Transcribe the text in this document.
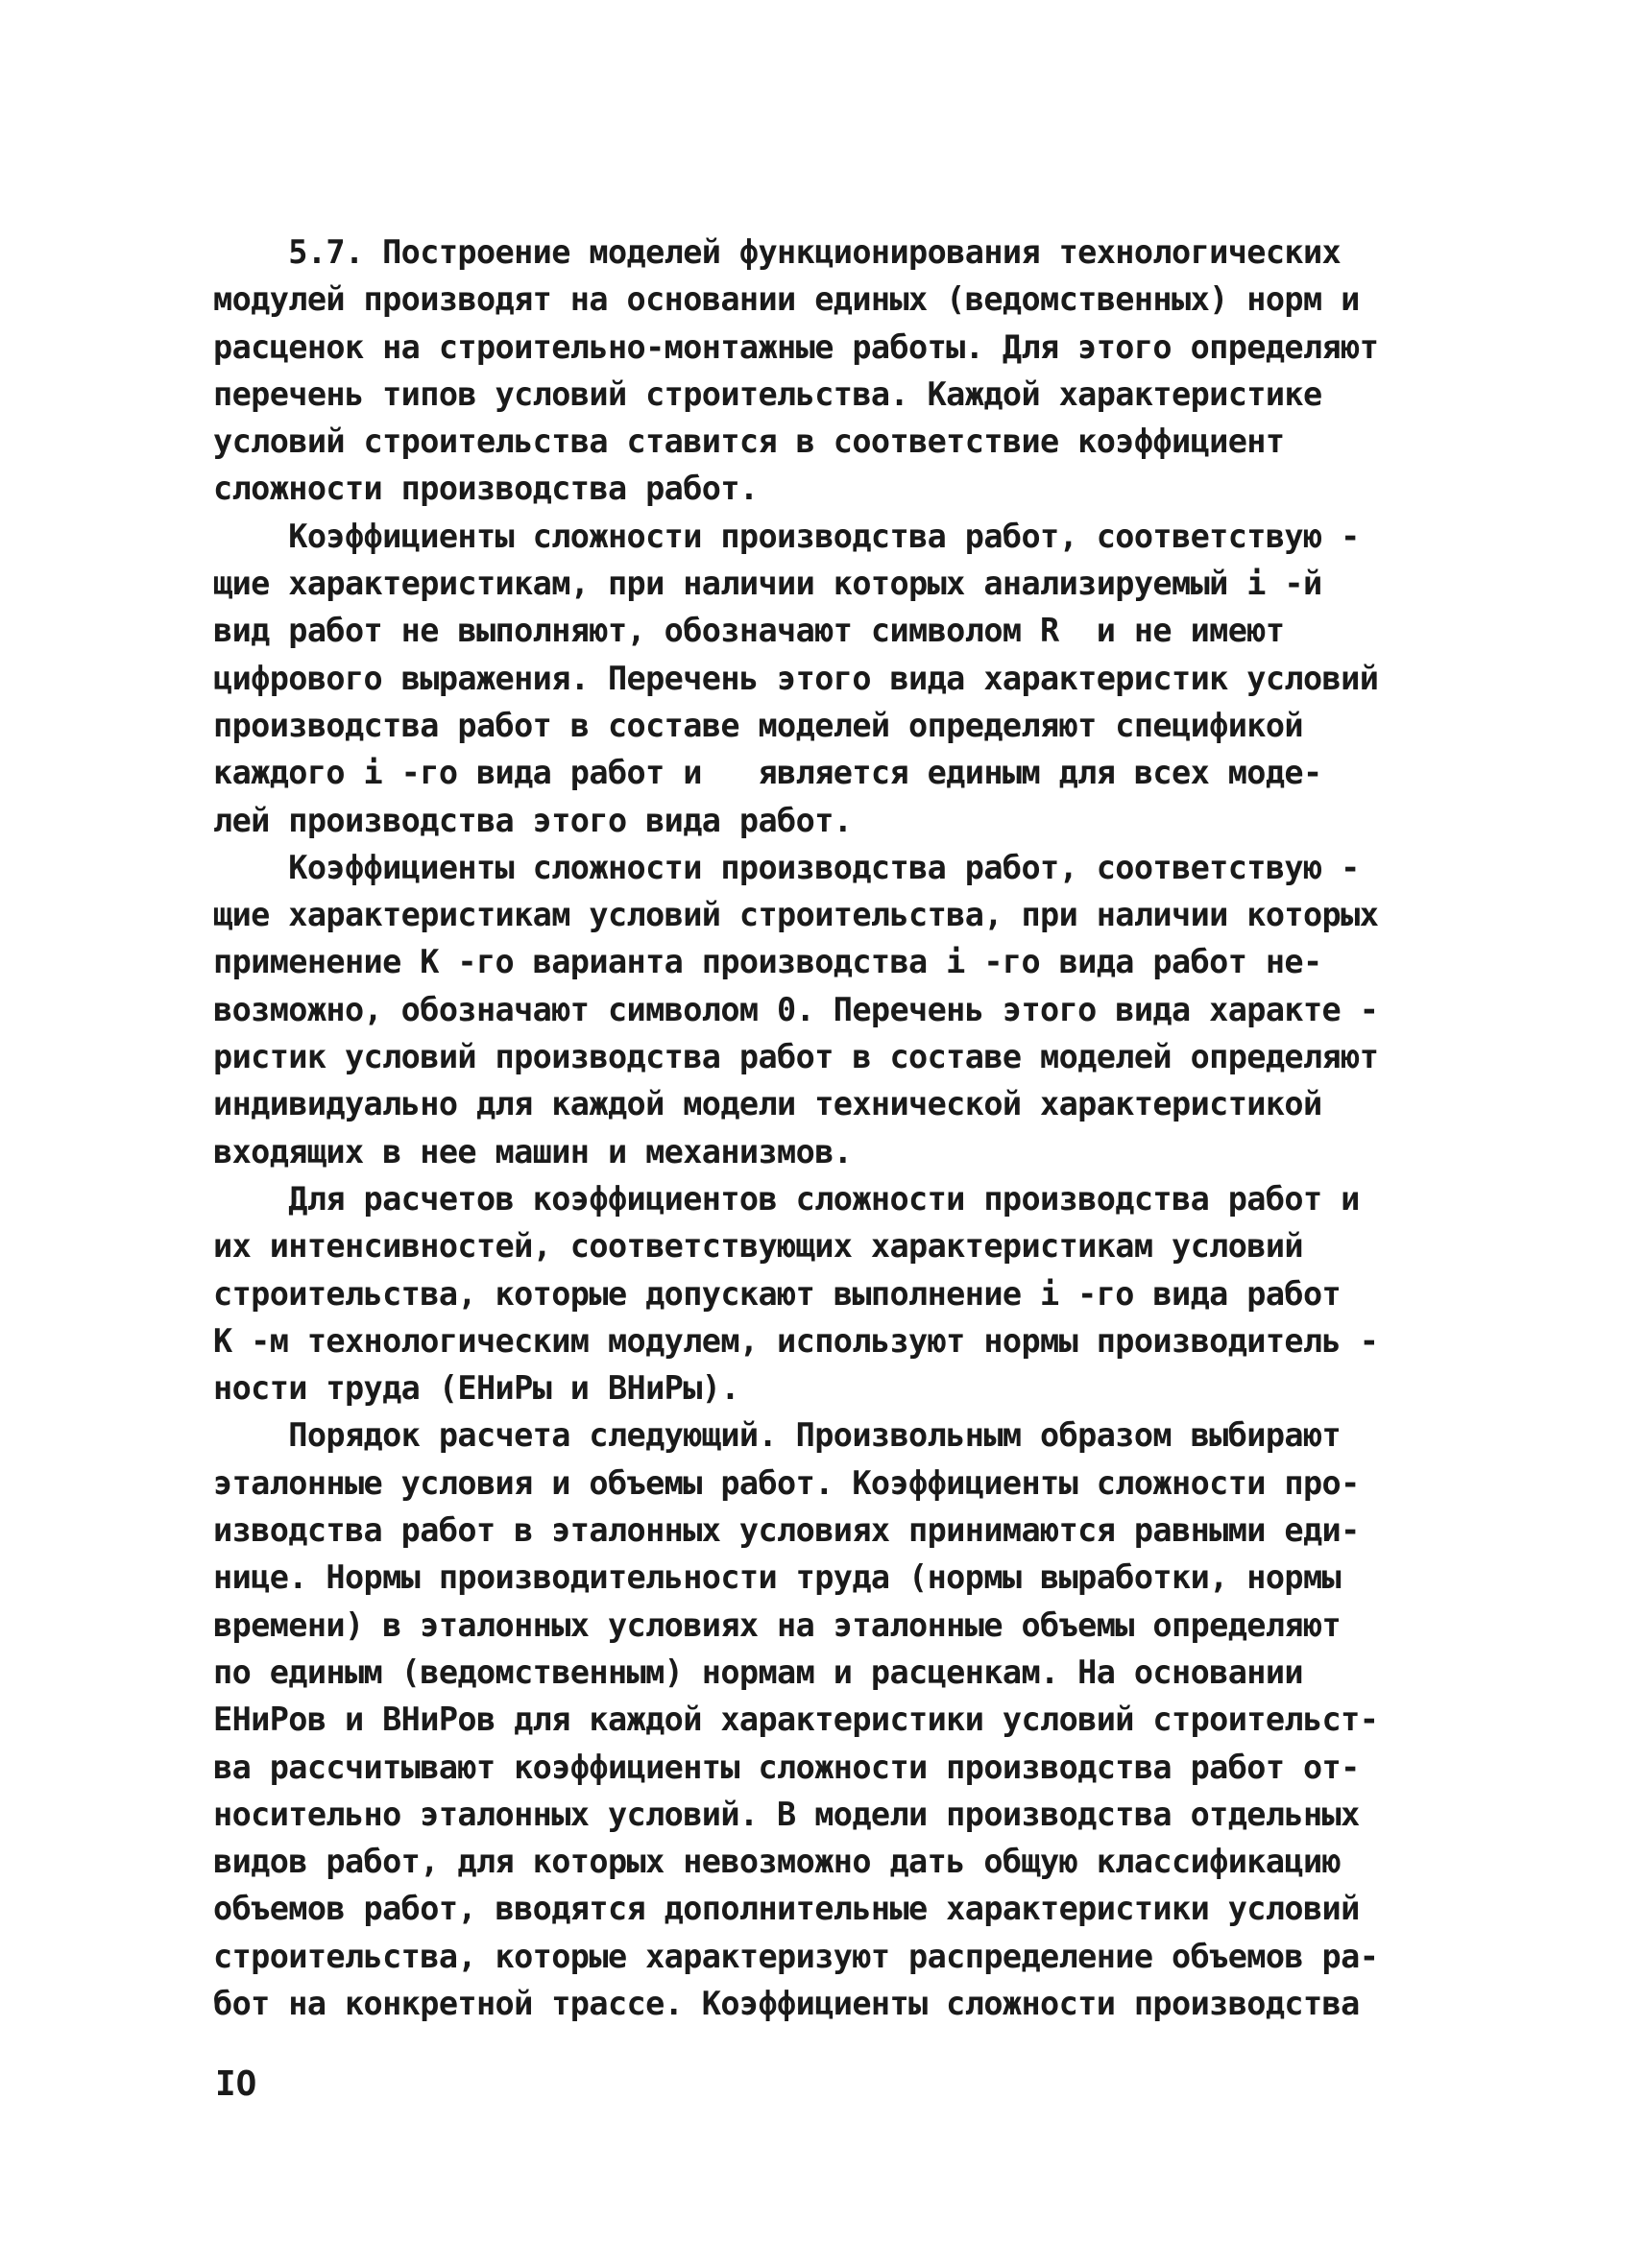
5.7. Построение моделей функционирования технологических
модулей производят на основании единых (ведомственных) норм и
расценок на строительно-монтажные работы. Для этого определяют
перечень типов условий строительства. Каждой характеристике
условий строительства ставится в соответствие коэффициент
сложности производства работ.
Коэффициенты сложности производства работ, соответствую -
щие характеристикам, при наличии которых анализируемый i -й
вид работ не выполняют, обозначают символом R  и не имеют
цифрового выражения. Перечень этого вида характеристик условий
производства работ в составе моделей определяют спецификой
каждого i -го вида работ и   является единым для всех моде-
лей производства этого вида работ.
Коэффициенты сложности производства работ, соответствую -
щие характеристикам условий строительства, при наличии которых
применение К -го варианта производства i -го вида работ не-
возможно, обозначают символом 0. Перечень этого вида характе -
ристик условий производства работ в составе моделей определяют
индивидуально для каждой модели технической характеристикой
входящих в нее машин и механизмов.
Для расчетов коэффициентов сложности производства работ и
их интенсивностей, соответствующих характеристикам условий
строительства, которые допускают выполнение i -го вида работ
К -м технологическим модулем, используют нормы производитель -
ности труда (ЕНиРы и ВНиРы).
Порядок расчета следующий. Произвольным образом выбирают
эталонные условия и объемы работ. Коэффициенты сложности про-
изводства работ в эталонных условиях принимаются равными еди-
нице. Нормы производительности труда (нормы выработки, нормы
времени) в эталонных условиях на эталонные объемы определяют
по единым (ведомственным) нормам и расценкам. На основании
ЕНиРов и ВНиРов для каждой характеристики условий строительст-
ва рассчитывают коэффициенты сложности производства работ от-
носительно эталонных условий. В модели производства отдельных
видов работ, для которых невозможно дать общую классификацию
объемов работ, вводятся дополнительные характеристики условий
строительства, которые характеризуют распределение объемов ра-
бот на конкретной трассе. Коэффициенты сложности производства
IO
